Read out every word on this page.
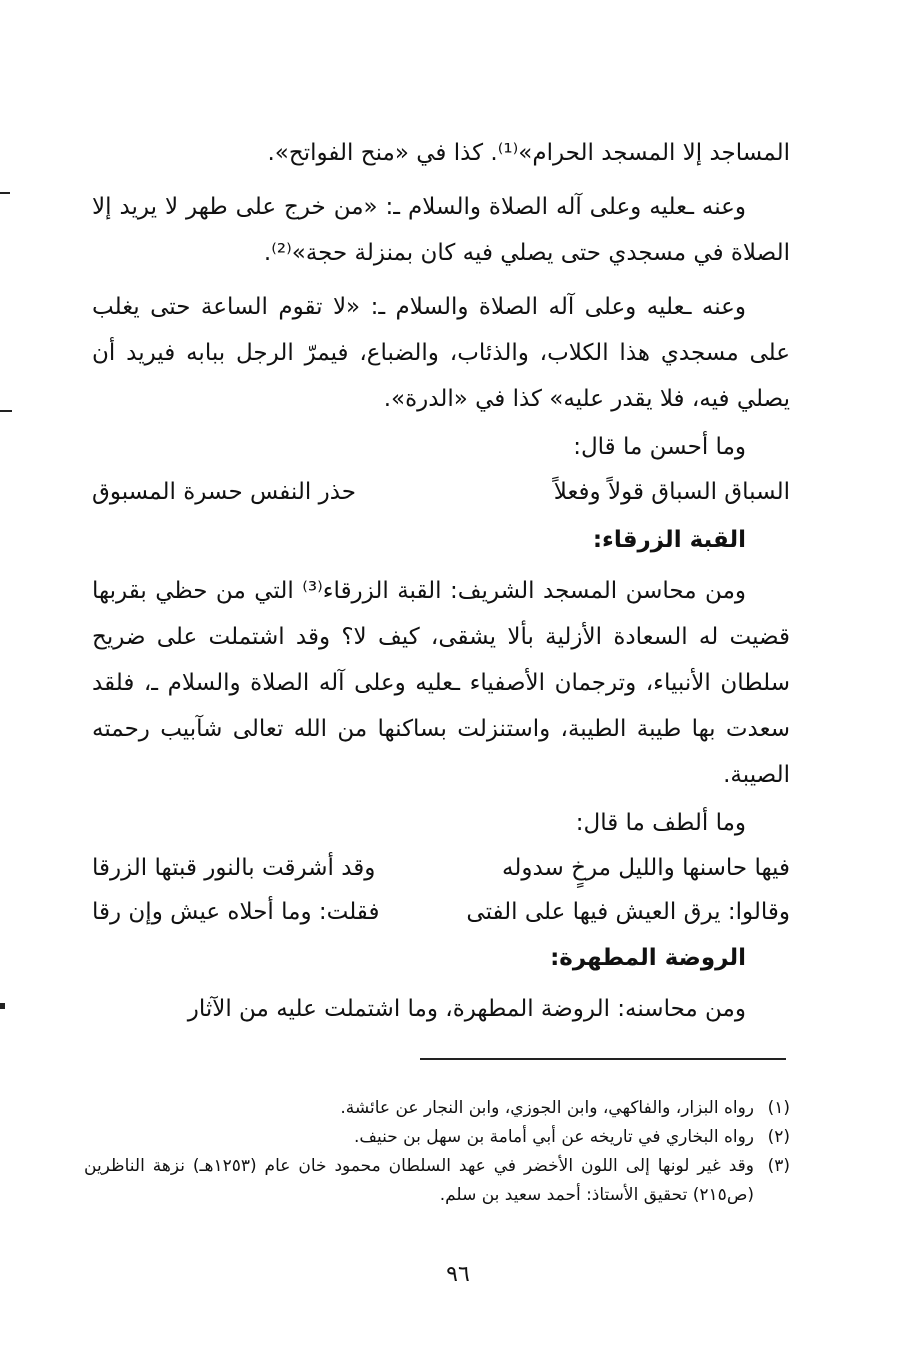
المساجد إلا المسجد الحرام»⁽¹⁾. كذا في «منح الفواتح».

وعنه ـعليه وعلى آله الصلاة والسلام ـ: «من خرج على طهر لا يريد إلا الصلاة في مسجدي حتى يصلي فيه كان بمنزلة حجة»⁽²⁾.

وعنه ـعليه وعلى آله الصلاة والسلام ـ: «لا تقوم الساعة حتى يغلب على مسجدي هذا الكلاب، والذئاب، والضباع، فيمرّ الرجل ببابه فيريد أن يصلي فيه، فلا يقدر عليه» كذا في «الدرة».

وما أحسن ما قال:

السباق السباق قولاً وفعلاً
حذر النفس حسرة المسبوق

القبة الزرقاء:

ومن محاسن المسجد الشريف: القبة الزرقاء⁽³⁾ التي من حظي بقربها قضيت له السعادة الأزلية بألا يشقى، كيف لا؟ وقد اشتملت على ضريح سلطان الأنبياء، وترجمان الأصفياء ـعليه وعلى آله الصلاة والسلام ـ، فلقد سعدت بها طيبة الطيبة، واستنزلت بساكنها من الله تعالى شآبيب رحمته الصيبة.

وما ألطف ما قال:

فيها حاسنها والليل مرخٍ سدوله
وقد أشرقت بالنور قبتها الزرقا
وقالوا: يرق العيش فيها على الفتى
فقلت: وما أحلاه عيش وإن رقا

الروضة المطهرة:

ومن محاسنه: الروضة المطهرة، وما اشتملت عليه من الآثار

(١)
رواه البزار، والفاكهي، وابن الجوزي، وابن النجار عن عائشة.
(٢)
رواه البخاري في تاريخه عن أبي أمامة بن سهل بن حنيف.
(٣)
وقد غير لونها إلى اللون الأخضر في عهد السلطان محمود خان عام (١٢٥٣هـ) نزهة الناظرين (ص٢١٥) تحقيق الأستاذ: أحمد سعيد بن سلم.
٩٦
